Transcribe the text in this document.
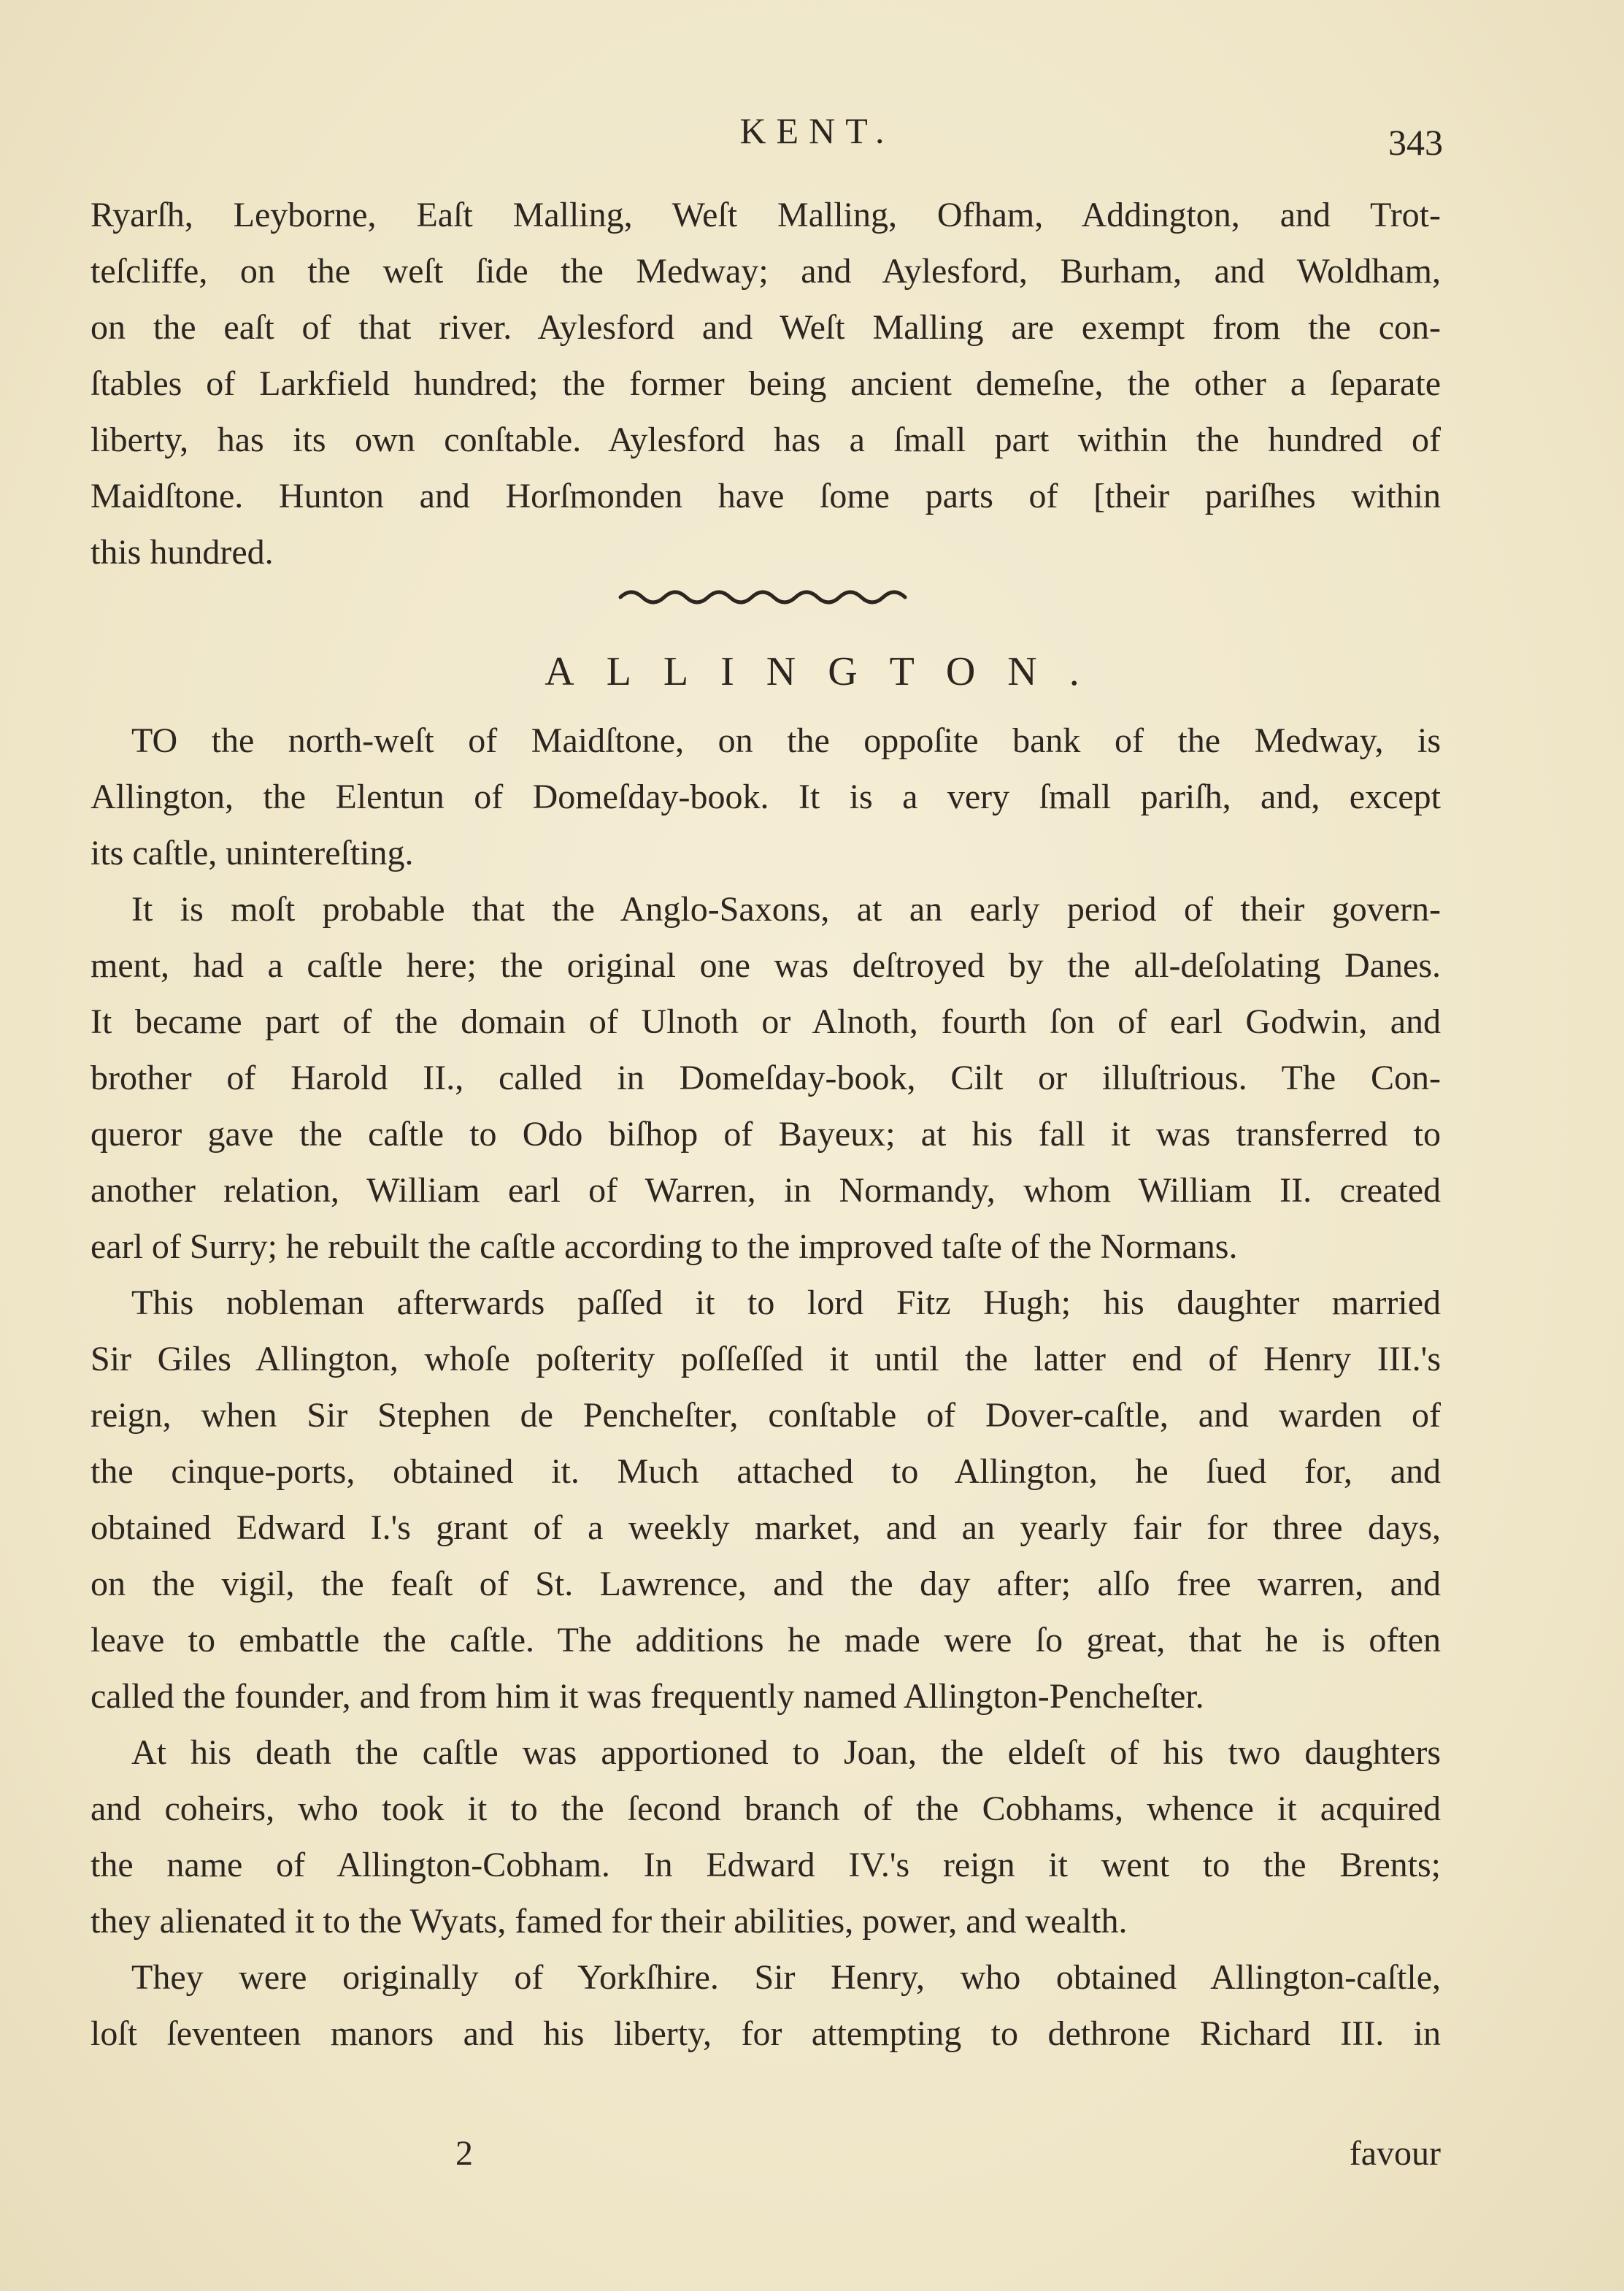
KENT.	343
Ryarſh, Leyborne, Eaſt Malling, Weſt Malling, Ofham, Addington, and Trot-
teſcliffe, on the weſt ſide the Medway; and Aylesford, Burham, and Woldham,
on the eaſt of that river. Aylesford and Weſt Malling are exempt from the con-
ſtables of Larkfield hundred; the former being ancient demeſne, the other a ſeparate
liberty, has its own conſtable. Aylesford has a ſmall part within the hundred of
Maidſtone. Hunton and Horſmonden have ſome parts of [their pariſhes within
this hundred.
ALLINGTON.
TO the north-weſt of Maidſtone, on the oppoſite bank of the Medway, is
Allington, the Elentun of Domeſday-book. It is a very ſmall pariſh, and, except
its caſtle, unintereſting.
It is moſt probable that the Anglo-Saxons, at an early period of their govern-
ment, had a caſtle here; the original one was deſtroyed by the all-deſolating Danes.
It became part of the domain of Ulnoth or Alnoth, fourth ſon of earl Godwin, and
brother of Harold II., called in Domeſday-book, Cilt or illuſtrious. The Con-
queror gave the caſtle to Odo biſhop of Bayeux; at his fall it was transferred to
another relation, William earl of Warren, in Normandy, whom William II. created
earl of Surry; he rebuilt the caſtle according to the improved taſte of the Normans.
This nobleman afterwards paſſed it to lord Fitz Hugh; his daughter married
Sir Giles Allington, whoſe poſterity poſſeſſed it until the latter end of Henry III.'s
reign, when Sir Stephen de Pencheſter, conſtable of Dover-caſtle, and warden of
the cinque-ports, obtained it. Much attached to Allington, he ſued for, and
obtained Edward I.'s grant of a weekly market, and an yearly fair for three days,
on the vigil, the feaſt of St. Lawrence, and the day after; alſo free warren, and
leave to embattle the caſtle. The additions he made were ſo great, that he is often
called the founder, and from him it was frequently named Allington-Pencheſter.
At his death the caſtle was apportioned to Joan, the eldeſt of his two daughters
and coheirs, who took it to the ſecond branch of the Cobhams, whence it acquired
the name of Allington-Cobham. In Edward IV.'s reign it went to the Brents;
they alienated it to the Wyats, famed for their abilities, power, and wealth.
They were originally of Yorkſhire. Sir Henry, who obtained Allington-caſtle,
loſt ſeventeen manors and his liberty, for attempting to dethrone Richard III. in
2	favour
